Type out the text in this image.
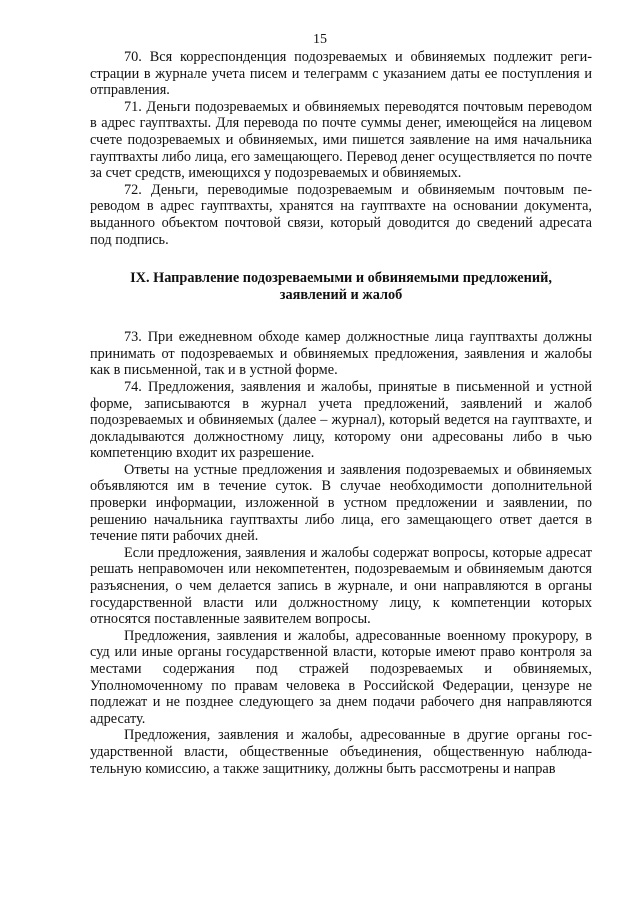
15

70. Вся корреспонденция подозреваемых и обвиняемых подлежит регистрации в журнале учета писем и телеграмм с указанием даты ее поступления и отправления.

71. Деньги подозреваемых и обвиняемых переводятся почтовым переводом в адрес гауптвахты. Для перевода по почте суммы денег, имеющейся на лицевом счете подозреваемых и обвиняемых, ими пишется заявление на имя начальника гауптвахты либо лица, его замещающего. Перевод денег осуществляется по почте за счет средств, имеющихся у подозреваемых и обвиняемых.

72. Деньги, переводимые подозреваемым и обвиняемым почтовым переводом в адрес гауптвахты, хранятся на гауптвахте на основании документа, выданного объектом почтовой связи, который доводится до сведений адресата под подпись.

IX. Направление подозреваемыми и обвиняемыми предложений,
заявлений и жалоб

73. При ежедневном обходе камер должностные лица гауптвахты должны принимать от подозреваемых и обвиняемых предложения, заявления и жалобы как в письменной, так и в устной форме.

74. Предложения, заявления и жалобы, принятые в письменной и устной форме, записываются в журнал учета предложений, заявлений и жалоб подозреваемых и обвиняемых (далее – журнал), который ведется на гауптвахте, и докладываются должностному лицу, которому они адресованы либо в чью компетенцию входит их разрешение.

Ответы на устные предложения и заявления подозреваемых и обвиняемых объявляются им в течение суток. В случае необходимости дополнительной проверки информации, изложенной в устном предложении и заявлении, по решению начальника гауптвахты либо лица, его замещающего ответ дается в течение пяти рабочих дней.

Если предложения, заявления и жалобы содержат вопросы, которые адресат решать неправомочен или некомпетентен, подозреваемым и обвиняемым даются разъяснения, о чем делается запись в журнале, и они направляются в органы государственной власти или должностному лицу, к компетенции которых относятся поставленные заявителем вопросы.

Предложения, заявления и жалобы, адресованные военному прокурору, в суд или иные органы государственной власти, которые имеют право контроля за местами содержания под стражей подозреваемых и обвиняемых, Уполномоченному по правам человека в Российской Федерации, цензуре не подлежат и не позднее следующего за днем подачи рабочего дня направляются адресату.

Предложения, заявления и жалобы, адресованные в другие органы государственной власти, общественные объединения, общественную наблюдательную комиссию, а также защитнику, должны быть рассмотрены и направ
